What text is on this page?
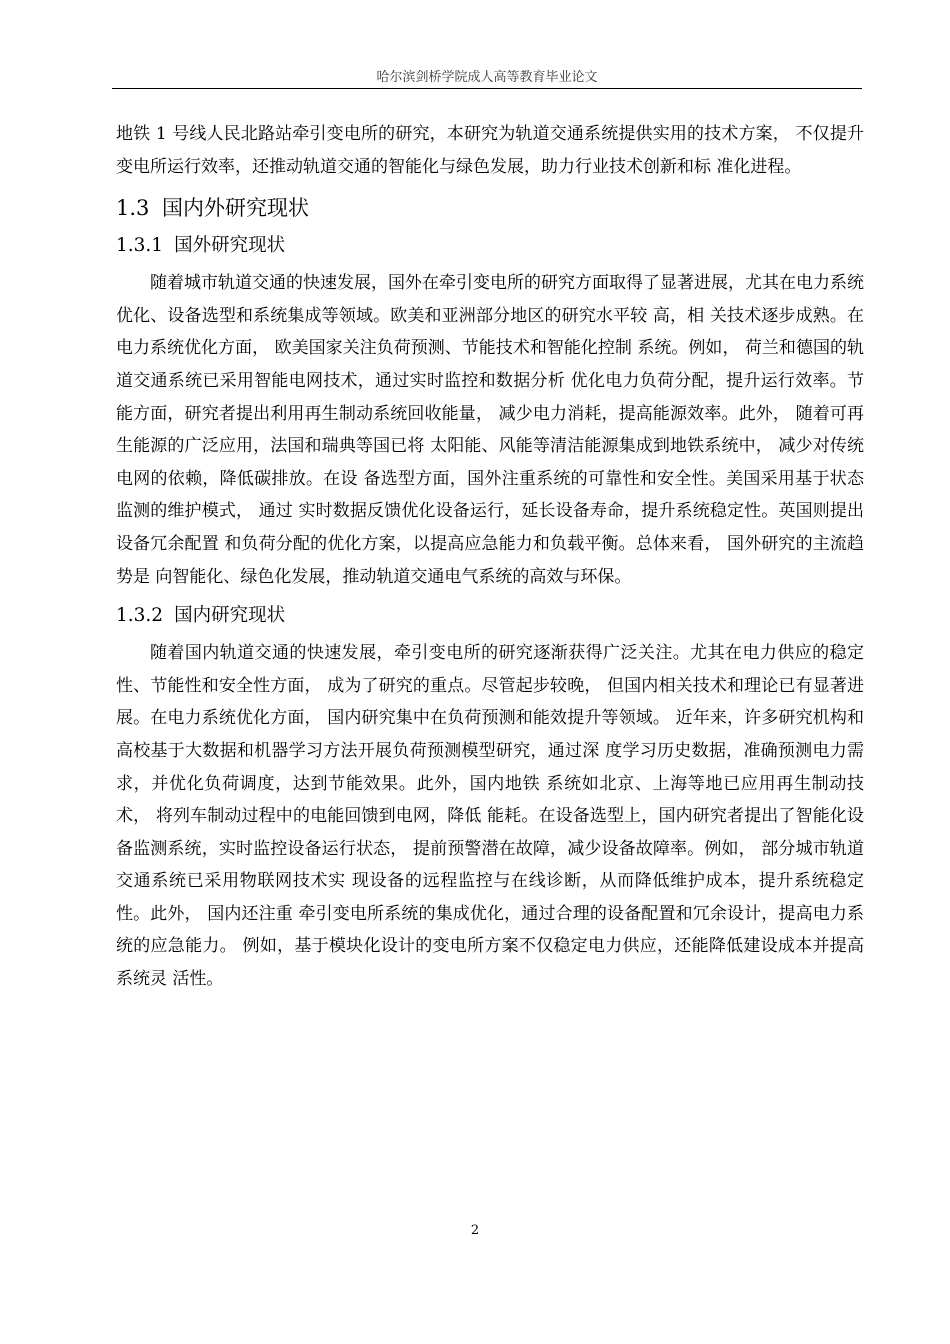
哈尔滨剑桥学院成人高等教育毕业论文

地铁 1 号线人民北路站牵引变电所的研究，本研究为轨道交通系统提供实用的技术方案， 不仅提升变电所运行效率，还推动轨道交通的智能化与绿色发展，助力行业技术创新和标 准化进程。

1.3 国内外研究现状
1.3.1 国外研究现状

随着城市轨道交通的快速发展，国外在牵引变电所的研究方面取得了显著进展，尤其在电力系统优化、设备选型和系统集成等领域。欧美和亚洲部分地区的研究水平较 高，相 关技术逐步成熟。在电力系统优化方面， 欧美国家关注负荷预测、节能技术和智能化控制 系统。例如， 荷兰和德国的轨道交通系统已采用智能电网技术，通过实时监控和数据分析 优化电力负荷分配，提升运行效率。节能方面，研究者提出利用再生制动系统回收能量， 减少电力消耗，提高能源效率。此外， 随着可再生能源的广泛应用，法国和瑞典等国已将 太阳能、风能等清洁能源集成到地铁系统中， 减少对传统电网的依赖，降低碳排放。在设 备选型方面，国外注重系统的可靠性和安全性。美国采用基于状态监测的维护模式， 通过 实时数据反馈优化设备运行，延长设备寿命，提升系统稳定性。英国则提出设备冗余配置 和负荷分配的优化方案，以提高应急能力和负载平衡。总体来看， 国外研究的主流趋势是 向智能化、绿色化发展，推动轨道交通电气系统的高效与环保。

1.3.2 国内研究现状

随着国内轨道交通的快速发展，牵引变电所的研究逐渐获得广泛关注。尤其在电力供应的稳定性、节能性和安全性方面， 成为了研究的重点。尽管起步较晚， 但国内相关技术和理论已有显著进展。在电力系统优化方面， 国内研究集中在负荷预测和能效提升等领域。 近年来，许多研究机构和高校基于大数据和机器学习方法开展负荷预测模型研究，通过深 度学习历史数据，准确预测电力需求，并优化负荷调度，达到节能效果。此外，国内地铁 系统如北京、上海等地已应用再生制动技术， 将列车制动过程中的电能回馈到电网，降低 能耗。在设备选型上，国内研究者提出了智能化设备监测系统，实时监控设备运行状态， 提前预警潜在故障，减少设备故障率。例如， 部分城市轨道交通系统已采用物联网技术实 现设备的远程监控与在线诊断，从而降低维护成本，提升系统稳定性。此外， 国内还注重 牵引变电所系统的集成优化，通过合理的设备配置和冗余设计，提高电力系统的应急能力。 例如，基于模块化设计的变电所方案不仅稳定电力供应，还能降低建设成本并提高系统灵 活性。

2
